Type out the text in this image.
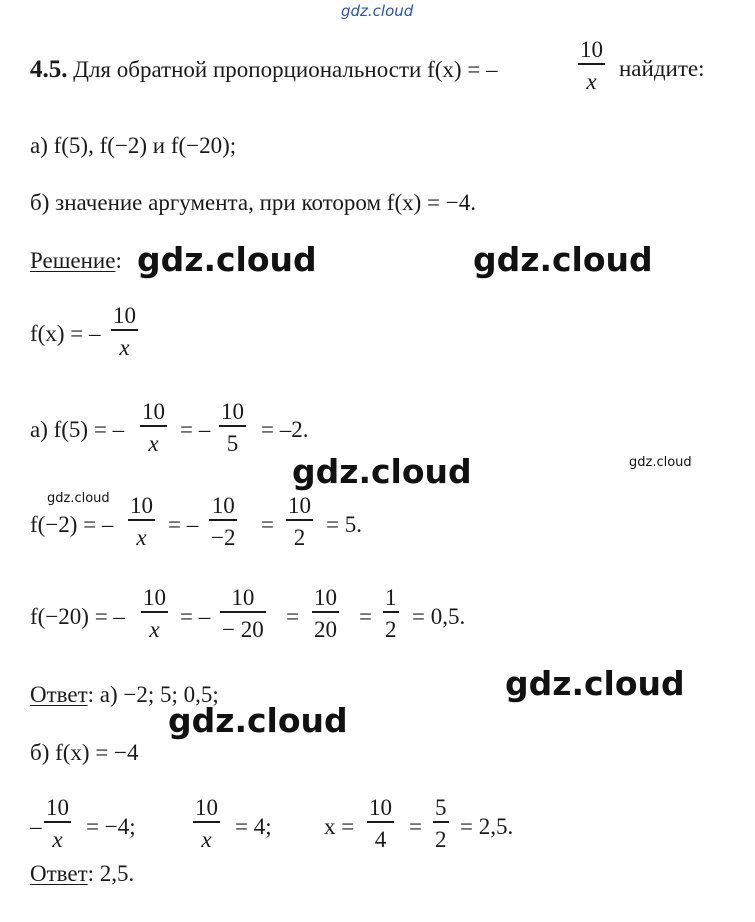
gdz.cloud
4.5. Для обратной пропорциональности f(x) = –
10
x найдите:
а) f(5), f(−2) и f(−20);
б) значение аргумента, при котором f(x) = −4.
Решение:
f(x) = –
10
x
а) f(5) = –
10
x
= –
10
5
= –2.
f(−2) = –
10
x = –
10
−2 =
10
2 = 5.
f(−20) = –
10
x = –
10
− 20 =
10
20 =
1
2 = 0,5.
Ответ: а) −2; 5; 0,5;
б) f(x) = −4
–
10
x = −4;
10
x = 4; x =
10
4 =
5
2 = 2,5.
Ответ: 2,5.
gdz.cloud	gdz.cloud
gdz.cloud	gdz.cloud
gdz.cloud
gdz.cloud
gdz.cloud
